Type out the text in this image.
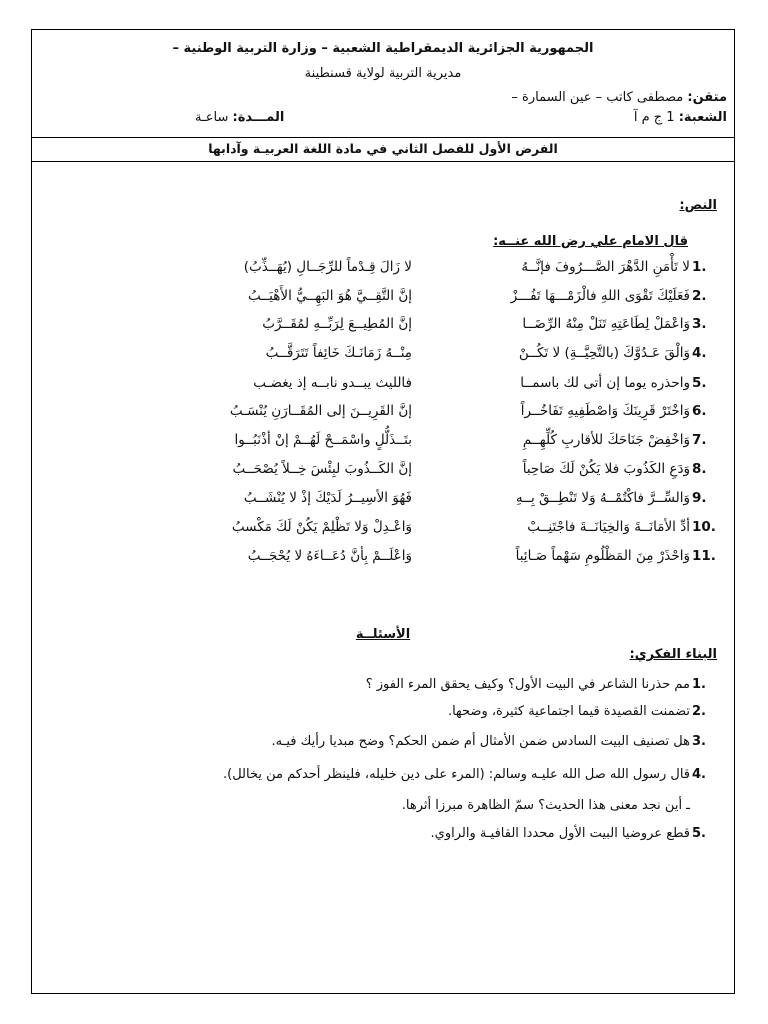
الجمهورية الجزائرية الديمقراطية الشعبية – وزارة التربية الوطنية –
مديرية التربية لولاية قسنطينة
متقن: مصطفى كاتب – عين السمارة –
الشعبة: 1 ج م آ
المـــدة: ساعـة
الفرض الأول للفصل الثاني في مادة اللغة العربيـة وآدابها
النص:
قال الامام علي رض الله عنــه:
1.
لا تَأْمَنِ الدَّهْرَ الصَّـــرُوفَ فإنَّــهُ
لا زَالَ قِـدْماً للرِّجَــالِ (يُهَــذِّبُ)
2.
فَعَلَيْكَ تَقْوَى اللهِ فالْزَمْـــهَا تَفُـــزْ
إنَّ التَّقِــيَّ هُوَ البَهِــيُّ الأَهْيَــبُ
3.
وَاعْمَلْ لِطَاعَتِهِ تَنَلْ مِنْهُ الرِّضَــا
إنَّ المُطِيــعَ لِرَبِّــهِ لمُقَــرَّبُ
4.
وَالْقَ عَـدُوَّكَ (بالتَّحِيَّــةِ) لا تَكُــنْ
مِنْــهُ زَمَانَـكَ خَائِفاً تَتَرَقَّــبُ
5.
واحذره يوما إن أتى لك باسمــا
فالليث يبــدو نابــه إذ يغضـب
6.
وَاخْتَرْ قَرِينَكَ وَاصْطَفِيهِ تَفَاخُــراً
إنَّ القَرِيــنَ إلى المُقَــارَنِ يُنْسَـبُ
7.
وَاخْفِضْ جَنَاحَكَ للأقاربِ كُلِّهِــمِ
بتَــذَلُّلٍ واسْمَــحْ لَهُــمْ إنْ أذْنَبُــوا
8.
وَدَعِ الكَذُوبَ فلا يَكُنْ لَكَ صَاحِباً
إنَّ الكَــذُوبَ لبِئْسَ خِــلاً يُصْحَــبُ
9.
وَالسِّــرَّ فاكْتُمْــهُ وَلا تَنْطِــقْ بِــهِ
فَهُوَ الأسِيــرُ لَدَيْكَ إذْ لا يُنْشَــبُ
10.
أدِّ الأمَانَــةَ وَالخِيَانَــةَ فاجْتَنِــبْ
وَاعْـدِلْ وَلا تَظْلِمْ يَكُنْ لَكَ مَكْسبُ
11.
وَاحْذَرْ مِنَ المَظْلُومِ سَهْماً صَـائِباً
وَاعْلَــمْ بِأنَّ دُعَــاءَهُ لا يُحْجَــبُ
الأسئلــة
البناء الفكري:
1.
مم حذرنا الشاعر في البيت الأول؟ وكيف يحقق المرء الفوز ؟
2.
تضمنت القصيدة قيما اجتماعية كثيرة، وضحها.
3.
هل تصنيف البيت السادس ضمن الأمثال أم ضمن الحكم؟ وضح مبديا رأيك فيـه.
4.
قال رسول الله صل الله عليـه وسالم: (المرء على دين خليله، فلينظر أحدكم من يخالل).
5.
قطع عروضيا البيت الأول محددا القافيـة والراوي.
ـ أين نجد معنى هذا الحديث؟ سمّ الظاهرة مبرزا أثرها.
